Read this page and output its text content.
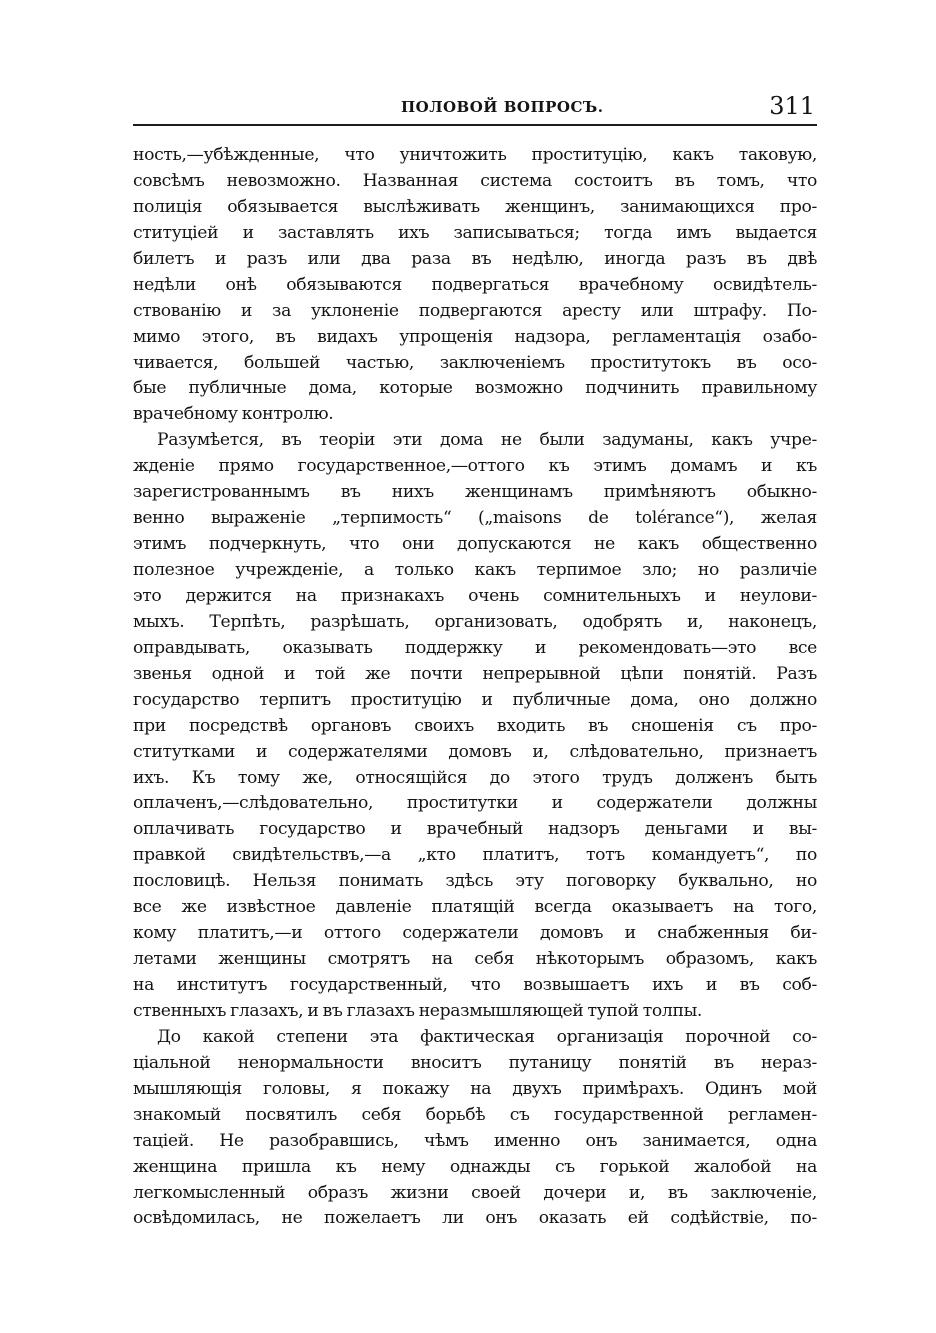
ПОЛОВОЙ ВОПРОСЪ.	311
ность,—убѣжденные, что уничтожить проституцію, какъ таковую,
совсѣмъ невозможно. Названная система состоитъ въ томъ, что
полиція обязывается выслѣживать женщинъ, занимающихся про-
ституціей и заставлять ихъ записываться; тогда имъ выдается
билетъ и разъ или два раза въ недѣлю, иногда разъ въ двѣ
недѣли онѣ обязываются подвергаться врачебному освидѣтель-
ствованію и за уклоненіе подвергаются аресту или штрафу. По-
мимо этого, въ видахъ упрощенія надзора, регламентація озабо-
чивается, большей частью, заключеніемъ проститутокъ въ осо-
бые публичные дома, которые возможно подчинить правильному
врачебному контролю.
Разумѣется, въ теоріи эти дома не были задуманы, какъ учре-
жденіе прямо государственное,—оттого къ этимъ домамъ и къ
зарегистрованнымъ въ нихъ женщинамъ примѣняютъ обыкно-
венно выраженіе „терпимость“ („maisons de tolérance“), желая
этимъ подчеркнуть, что они допускаются не какъ общественно
полезное учрежденіе, а только какъ терпимое зло; но различіе
это держится на признакахъ очень сомнительныхъ и неулови-
мыхъ. Терпѣть, разрѣшать, организовать, одобрять и, наконецъ,
оправдывать, оказывать поддержку и рекомендовать—это все
звенья одной и той же почти непрерывной цѣпи понятій. Разъ
государство терпитъ проституцію и публичные дома, оно должно
при посредствѣ органовъ своихъ входить въ сношенія съ про-
ститутками и содержателями домовъ и, слѣдовательно, признаетъ
ихъ. Къ тому же, относящійся до этого трудъ долженъ быть
оплаченъ,—слѣдовательно, проститутки и содержатели должны
оплачивать государство и врачебный надзоръ деньгами и вы-
правкой свидѣтельствъ,—а „кто платитъ, тотъ командуетъ“, по
пословицѣ. Нельзя понимать здѣсь эту поговорку буквально, но
все же извѣстное давленіе платящій всегда оказываетъ на того,
кому платитъ,—и оттого содержатели домовъ и снабженныя би-
летами женщины смотрятъ на себя нѣкоторымъ образомъ, какъ
на институтъ государственный, что возвышаетъ ихъ и въ соб-
ственныхъ глазахъ, и въ глазахъ неразмышляющей тупой толпы.
До какой степени эта фактическая организація порочной со-
ціальной ненормальности вноситъ путаницу понятій въ нераз-
мышляющія головы, я покажу на двухъ примѣрахъ. Одинъ мой
знакомый посвятилъ себя борьбѣ съ государственной регламен-
таціей. Не разобравшись, чѣмъ именно онъ занимается, одна
женщина пришла къ нему однажды съ горькой жалобой на
легкомысленный образъ жизни своей дочери и, въ заключеніе,
освѣдомилась, не пожелаетъ ли онъ оказать ей содѣйствіе, по-
